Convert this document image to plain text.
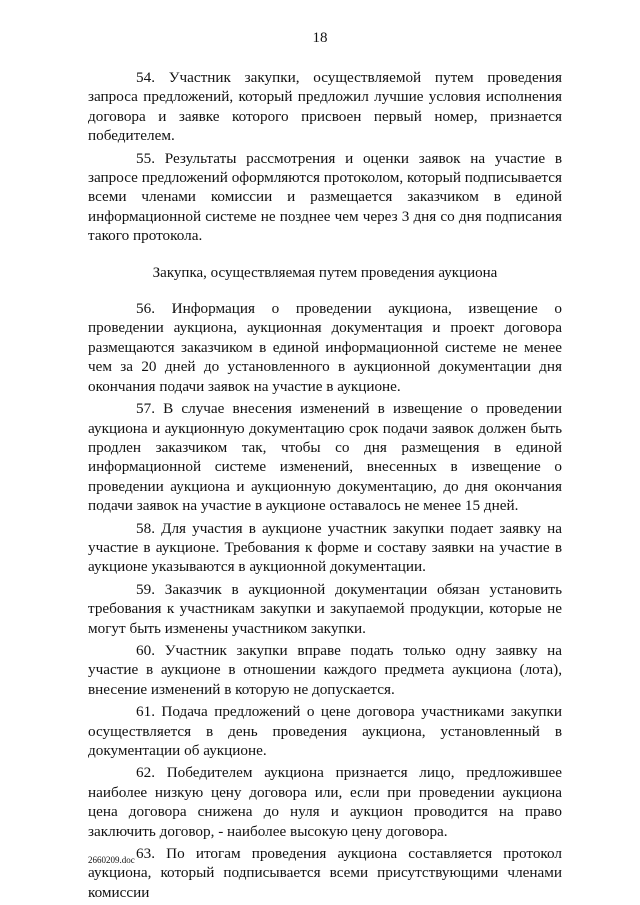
18

54. Участник закупки, осуществляемой путем проведения запроса предложений, который предложил лучшие условия исполнения договора и заявке которого присвоен первый номер, признается победителем.

55. Результаты рассмотрения и оценки заявок на участие в запросе предложений оформляются протоколом, который подписывается всеми членами комиссии и размещается заказчиком в единой информационной системе не позднее чем через 3 дня со дня подписания такого протокола.

Закупка, осуществляемая путем проведения аукциона

56. Информация о проведении аукциона, извещение о проведении аукциона, аукционная документация и проект договора размещаются заказчиком в единой информационной системе не менее чем за 20 дней до установленного в аукционной документации дня окончания подачи заявок на участие в аукционе.

57. В случае внесения изменений в извещение о проведении аукциона и аукционную документацию срок подачи заявок должен быть продлен заказчиком так, чтобы со дня размещения в единой информационной системе изменений, внесенных в извещение о проведении аукциона и аукционную документацию, до дня окончания подачи заявок на участие в аукционе оставалось не менее 15 дней.

58. Для участия в аукционе участник закупки подает заявку на участие в аукционе. Требования к форме и составу заявки на участие в аукционе указываются в аукционной документации.

59. Заказчик в аукционной документации обязан установить требования к участникам закупки и закупаемой продукции, которые не могут быть изменены участником закупки.

60. Участник закупки вправе подать только одну заявку на участие в аукционе в отношении каждого предмета аукциона (лота), внесение изменений в которую не допускается.

61. Подача предложений о цене договора участниками закупки осуществляется в день проведения аукциона, установленный в документации об аукционе.

62. Победителем аукциона признается лицо, предложившее наиболее низкую цену договора или, если при проведении аукциона цена договора снижена до нуля и аукцион проводится на право заключить договор, - наиболее высокую цену договора.

63. По итогам проведения аукциона составляется протокол аукциона, который подписывается всеми присутствующими членами комиссии

2660209.doc
